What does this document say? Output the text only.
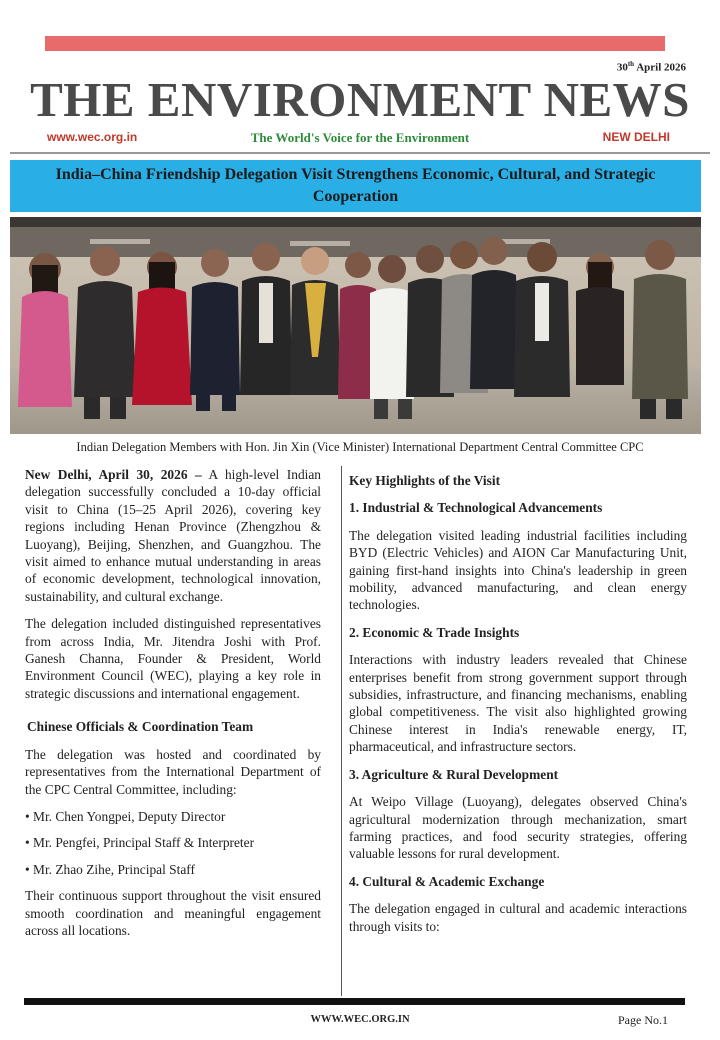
30th April 2026
THE ENVIRONMENT NEWS
www.wec.org.in	The World's Voice for the Environment	NEW DELHI
India–China Friendship Delegation Visit Strengthens Economic, Cultural, and Strategic Cooperation
Indian Delegation Members with Hon. Jin Xin (Vice Minister) International Department Central Committee CPC

New Delhi, April 30, 2026 – A high-level Indian delegation successfully concluded a 10-day official visit to China (15–25 April 2026), covering key regions including Henan Province (Zhengzhou & Luoyang), Beijing, Shenzhen, and Guangzhou. The visit aimed to enhance mutual understanding in areas of economic development, technological innovation, sustainability, and cultural exchange.

The delegation included distinguished representatives from across India, Mr. Jitendra Joshi with Prof. Ganesh Channa, Founder & President, World Environment Council (WEC), playing a key role in strategic discussions and international engagement.

Chinese Officials & Coordination Team

The delegation was hosted and coordinated by representatives from the International Department of the CPC Central Committee, including:

• Mr. Chen Yongpei, Deputy Director
• Mr. Pengfei, Principal Staff & Interpreter
• Mr. Zhao Zihe, Principal Staff

Their continuous support throughout the visit ensured smooth coordination and meaningful engagement across all locations.

Key Highlights of the Visit
1. Industrial & Technological Advancements

The delegation visited leading industrial facilities including BYD (Electric Vehicles) and AION Car Manufacturing Unit, gaining first-hand insights into China's leadership in green mobility, advanced manufacturing, and clean energy technologies.

2. Economic & Trade Insights

Interactions with industry leaders revealed that Chinese enterprises benefit from strong government support through subsidies, infrastructure, and financing mechanisms, enabling global competitiveness. The visit also highlighted growing Chinese interest in India's renewable energy, IT, pharmaceutical, and infrastructure sectors.

3. Agriculture & Rural Development

At Weipo Village (Luoyang), delegates observed China's agricultural modernization through mechanization, smart farming practices, and food security strategies, offering valuable lessons for rural development.

4. Cultural & Academic Exchange

The delegation engaged in cultural and academic interactions through visits to:

WWW.WEC.ORG.IN	Page No.1
